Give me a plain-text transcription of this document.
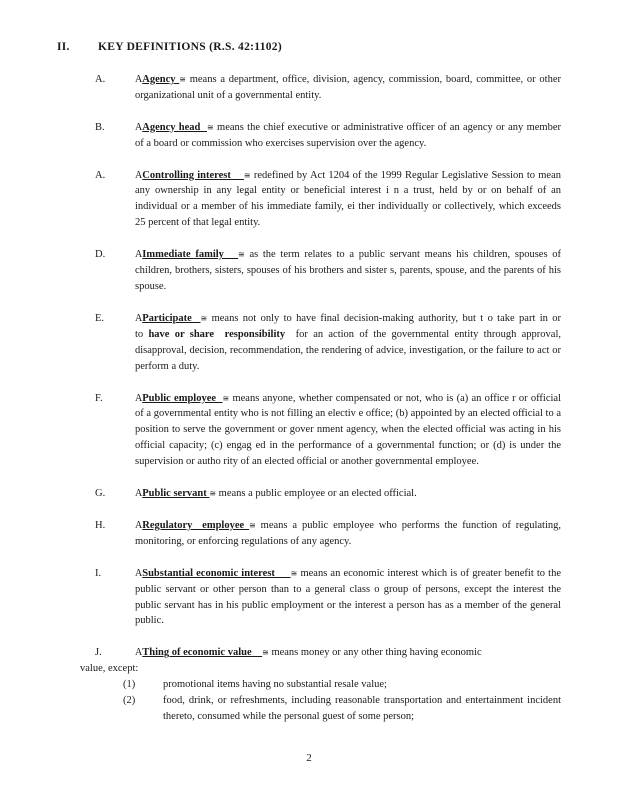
II.	KEY DEFINITIONS (R.S. 42:1102)
A.	AAgency ≅ means a department, office, division, agency, commission, board, committee, or other organizational unit of a governmental entity.

B.	AAgency head  ≅ means the chief executive or administrative officer of an agency or any member of a board or commission who exercises supervision over the agency.

A.	AControlling interest    ≅ redefined by Act 1204 of the 1999 Regular Legislative Session to mean any ownership in any legal entity or beneficial interest i n a trust, held by or on behalf of an individual or a member of his immediate family, ei ther individually or collectively, which exceeds 25 percent of that legal entity.

D.	AImmediate family   ≅ as the term relates to a public servant means his children, spouses of children, brothers, sisters, spouses of his brothers and sister s, parents, spouse, and the parents of his spouse.

E.	AParticipate  ≅ means not only to have final decision-making authority, but t o take part in or to have or share  responsibility  for an action of the governmental entity through approval, disapproval, decision, recommendation, the rendering of advice, investigation, or the failure to act or perform a duty.

F.	APublic employee  ≅ means anyone, whether compensated or not, who is (a) an office r or official of a governmental entity who is not filling an electiv e office; (b) appointed by an elected official to a position to serve the government or gover nment agency, when the elected official was acting in his official capacity; (c) engag ed in the performance of a governmental function; or (d) is under the supervision or autho rity of an elected official or another governmental employee.

G.	APublic servant ≅ means a public employee or an elected official.

H.	ARegulatory  employee ≅ means a public employee who performs the function of regulating, monitoring, or enforcing regulations of any agency.

I.	ASubstantial economic interest     ≅ means an economic interest which is of greater benefit to the public servant or other person than to a general class o group of persons, except the interest the public servant has in his public employment or the interest a person has as a member of the general public.

J.	AThing of economic value    ≅ means money or any other thing having economic

value, except:
(1)	promotional items having no substantial resale value;

(2)	food, drink, or refreshments, including reasonable transportation and entertainment incident thereto, consumed while the personal guest of some person;

2
